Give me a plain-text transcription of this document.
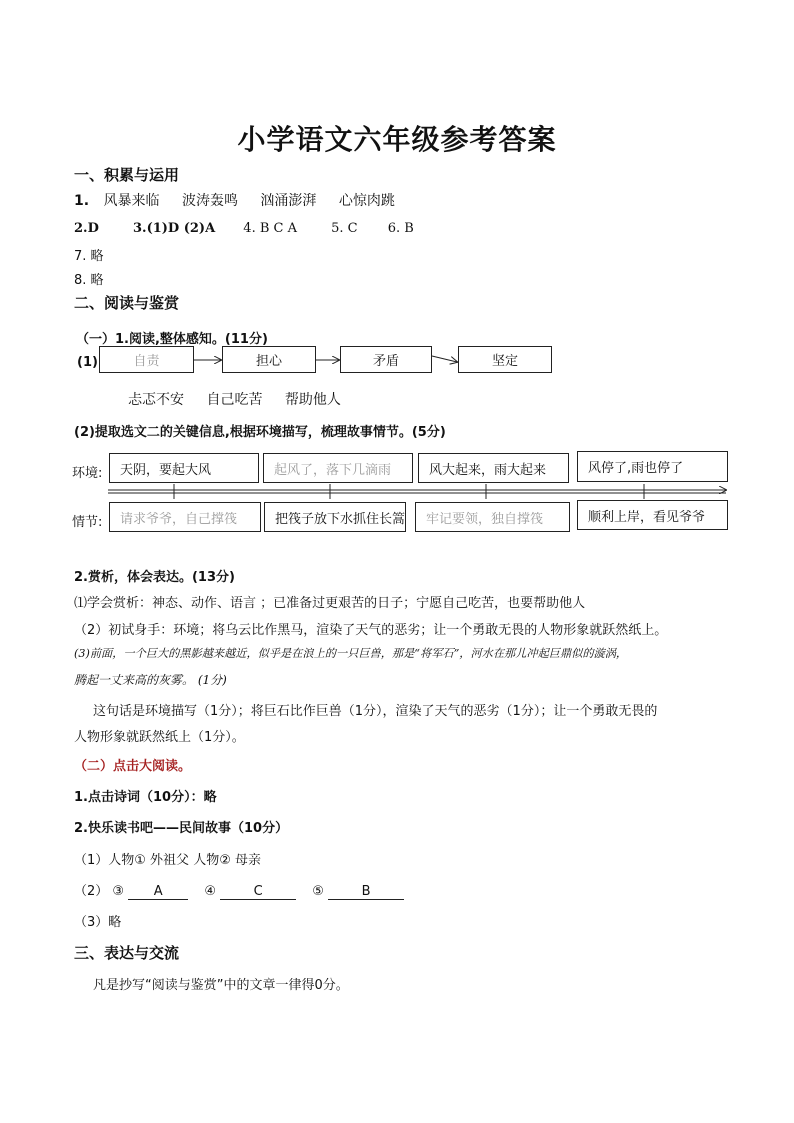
小学语文六年级参考答案
一、积累与运用
1. 风暴来临 波涛轰鸣 汹涌澎湃 心惊肉跳
2.D	3.(1)D (2)A 4. B C A	5. C 6. B
7. 略
8. 略
二、阅读与鉴赏
（一）1.阅读,整体感知。(11分)
(1)	自责	担心	矛盾	坚定
忐忑不安 自己吃苦 帮助他人
(2)提取选文二的关键信息,根据环境描写，梳理故事情节。(5分)
环境:
情节:
天阴，要起大风	起风了，落下几滴雨	风大起来，雨大起来	风停了,雨也停了
请求爷爷，自己撑筏	把筏子放下水抓住长篙	牢记要领，独自撑筏	顺利上岸，看见爷爷
2.赏析，体会表达。(13分)
⑴学会赏析：神态、动作、语言 ；已准备过更艰苦的日子；宁愿自己吃苦，也要帮助他人
（2）初试身手：环境；将乌云比作黑马，渲染了天气的恶劣；让一个勇敢无畏的人物形象就跃然纸上。
(3)前面，一个巨大的黑影越来越近，似乎是在浪上的一只巨兽，那是“将军石”，河水在那儿冲起巨鼎似的漩涡，
腾起一丈来高的灰雾。 (1分)
这句话是环境描写（1分）；将巨石比作巨兽（1分），渲染了天气的恶劣（1分）；让一个勇敢无畏的
人物形象就跃然纸上（1分）。
（二）点击大阅读。
1.点击诗词（10分）：略
2.快乐读书吧——民间故事（10分）
（1）人物① 外祖父 人物② 母亲
（2） ③ A	④	C	⑤	B
（3）略
三、表达与交流
凡是抄写“阅读与鉴赏”中的文章一律得0分。
